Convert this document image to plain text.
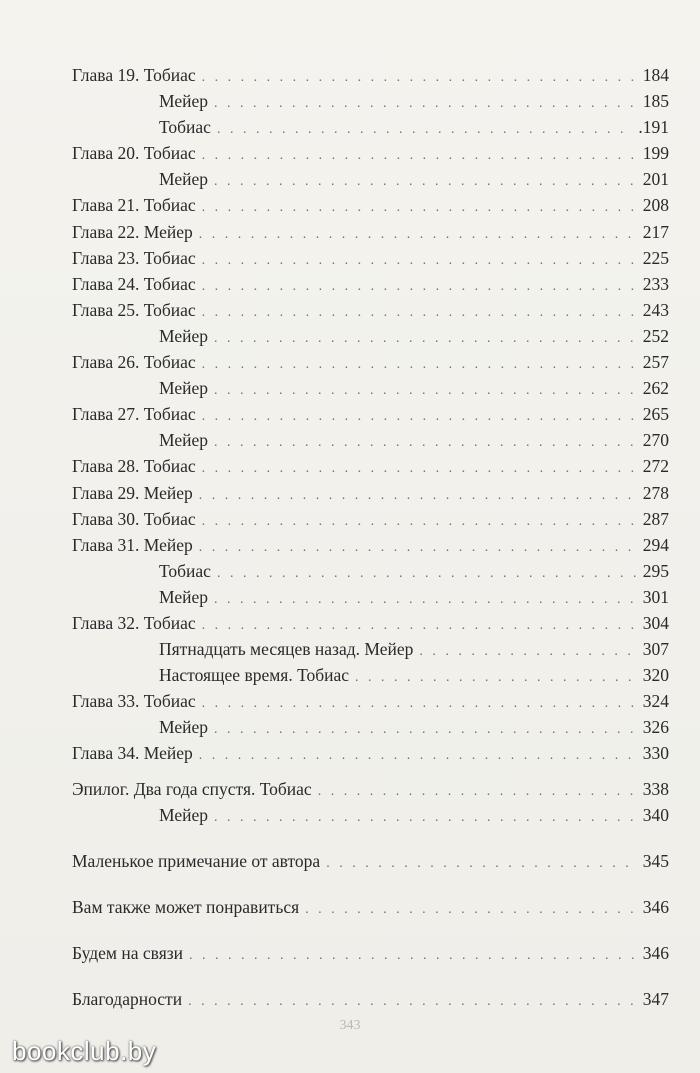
Глава 19. Тобиас . . .	184
Мейер . . .	185
Тобиас . . .	.191
Глава 20. Тобиас . . .	199
Мейер . . .	201
Глава 21. Тобиас . . .	208
Глава 22. Мейер . . .	217
Глава 23. Тобиас . . .	225
Глава 24. Тобиас . . .	233
Глава 25. Тобиас . . .	243
Мейер . . .	252
Глава 26. Тобиас . . .	257
Мейер . . .	262
Глава 27. Тобиас . . .	265
Мейер . . .	270
Глава 28. Тобиас . . .	272
Глава 29. Мейер . . .	278
Глава 30. Тобиас . . .	287
Глава 31. Мейер . . .	294
Тобиас . . .	295
Мейер . . .	301
Глава 32. Тобиас . . .	304
Пятнадцать месяцев назад. Мейер . . .	307
Настоящее время. Тобиас . . .	320
Глава 33. Тобиас . . .	324
Мейер . . .	326
Глава 34. Мейер . . .	330
Эпилог. Два года спустя. Тобиас . . .	338
Мейер . . .	340
Маленькое примечание от автора . . .	345
Вам также может понравиться . . .	346
Будем на связи . . .	346
Благодарности . . .	347
343
bookclub.by
